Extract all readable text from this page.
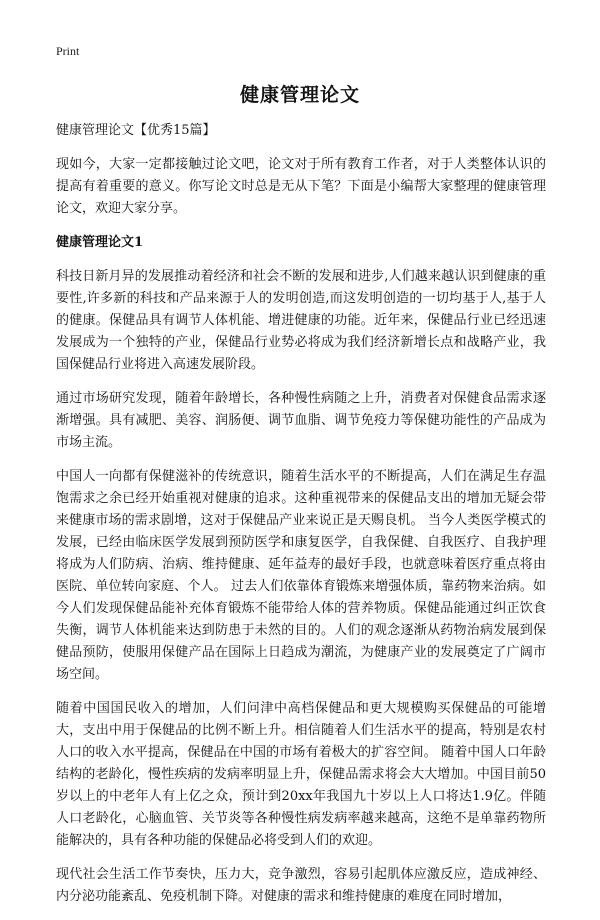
Print
健康管理论文

健康管理论文【优秀15篇】

现如今，大家一定都接触过论文吧，论文对于所有教育工作者，对于人类整体认识的提高有着重要的意义。你写论文时总是无从下笔？下面是小编帮大家整理的健康管理论文，欢迎大家分享。

健康管理论文1

科技日新月异的发展推动着经济和社会不断的发展和进步,人们越来越认识到健康的重要性,许多新的科技和产品来源于人的发明创造,而这发明创造的一切均基于人,基于人的健康。保健品具有调节人体机能、增进健康的功能。近年来，保健品行业已经迅速发展成为一个独特的产业，保健品行业势必将成为我们经济新增长点和战略产业，我国保健品行业将进入高速发展阶段。

通过市场研究发现，随着年龄增长，各种慢性病随之上升，消费者对保健食品需求逐渐增强。具有减肥、美容、润肠便、调节血脂、调节免疫力等保健功能性的产品成为市场主流。

中国人一向都有保健滋补的传统意识，随着生活水平的不断提高，人们在满足生存温饱需求之余已经开始重视对健康的追求。这种重视带来的保健品支出的增加无疑会带来健康市场的需求剧增，这对于保健品产业来说正是天赐良机。 当今人类医学模式的发展，已经由临床医学发展到预防医学和康复医学，自我保健、自我医疗、自我护理将成为人们防病、治病、维持健康、延年益寿的最好手段，也就意味着医疗重点将由医院、单位转向家庭、个人。 过去人们依靠体育锻炼来增强体质，靠药物来治病。如今人们发现保健品能补充体育锻炼不能带给人体的营养物质。保健品能通过纠正饮食失衡，调节人体机能来达到防患于未然的目的。人们的观念逐渐从药物治病发展到保健品预防，使服用保健产品在国际上日趋成为潮流，为健康产业的发展奠定了广阔市场空间。

随着中国国民收入的增加，人们问津中高档保健品和更大规模购买保健品的可能增大，支出中用于保健品的比例不断上升。相信随着人们生活水平的提高，特别是农村人口的收入水平提高，保健品在中国的市场有着极大的扩容空间。 随着中国人口年龄结构的老龄化，慢性疾病的发病率明显上升，保健品需求将会大大增加。中国目前50岁以上的中老年人有上亿之众，预计到20xx年我国九十岁以上人口将达1.9亿。伴随人口老龄化，心脑血管、关节炎等各种慢性病发病率越来越高，这绝不是单靠药物所能解决的，具有各种功能的保健品必将受到人们的欢迎。

现代社会生活工作节奏快，压力大，竞争激烈，容易引起肌体应激反应，造成神经、内分泌功能紊乱、免疫机制下降。对健康的需求和维持健康的难度在同时增加，
